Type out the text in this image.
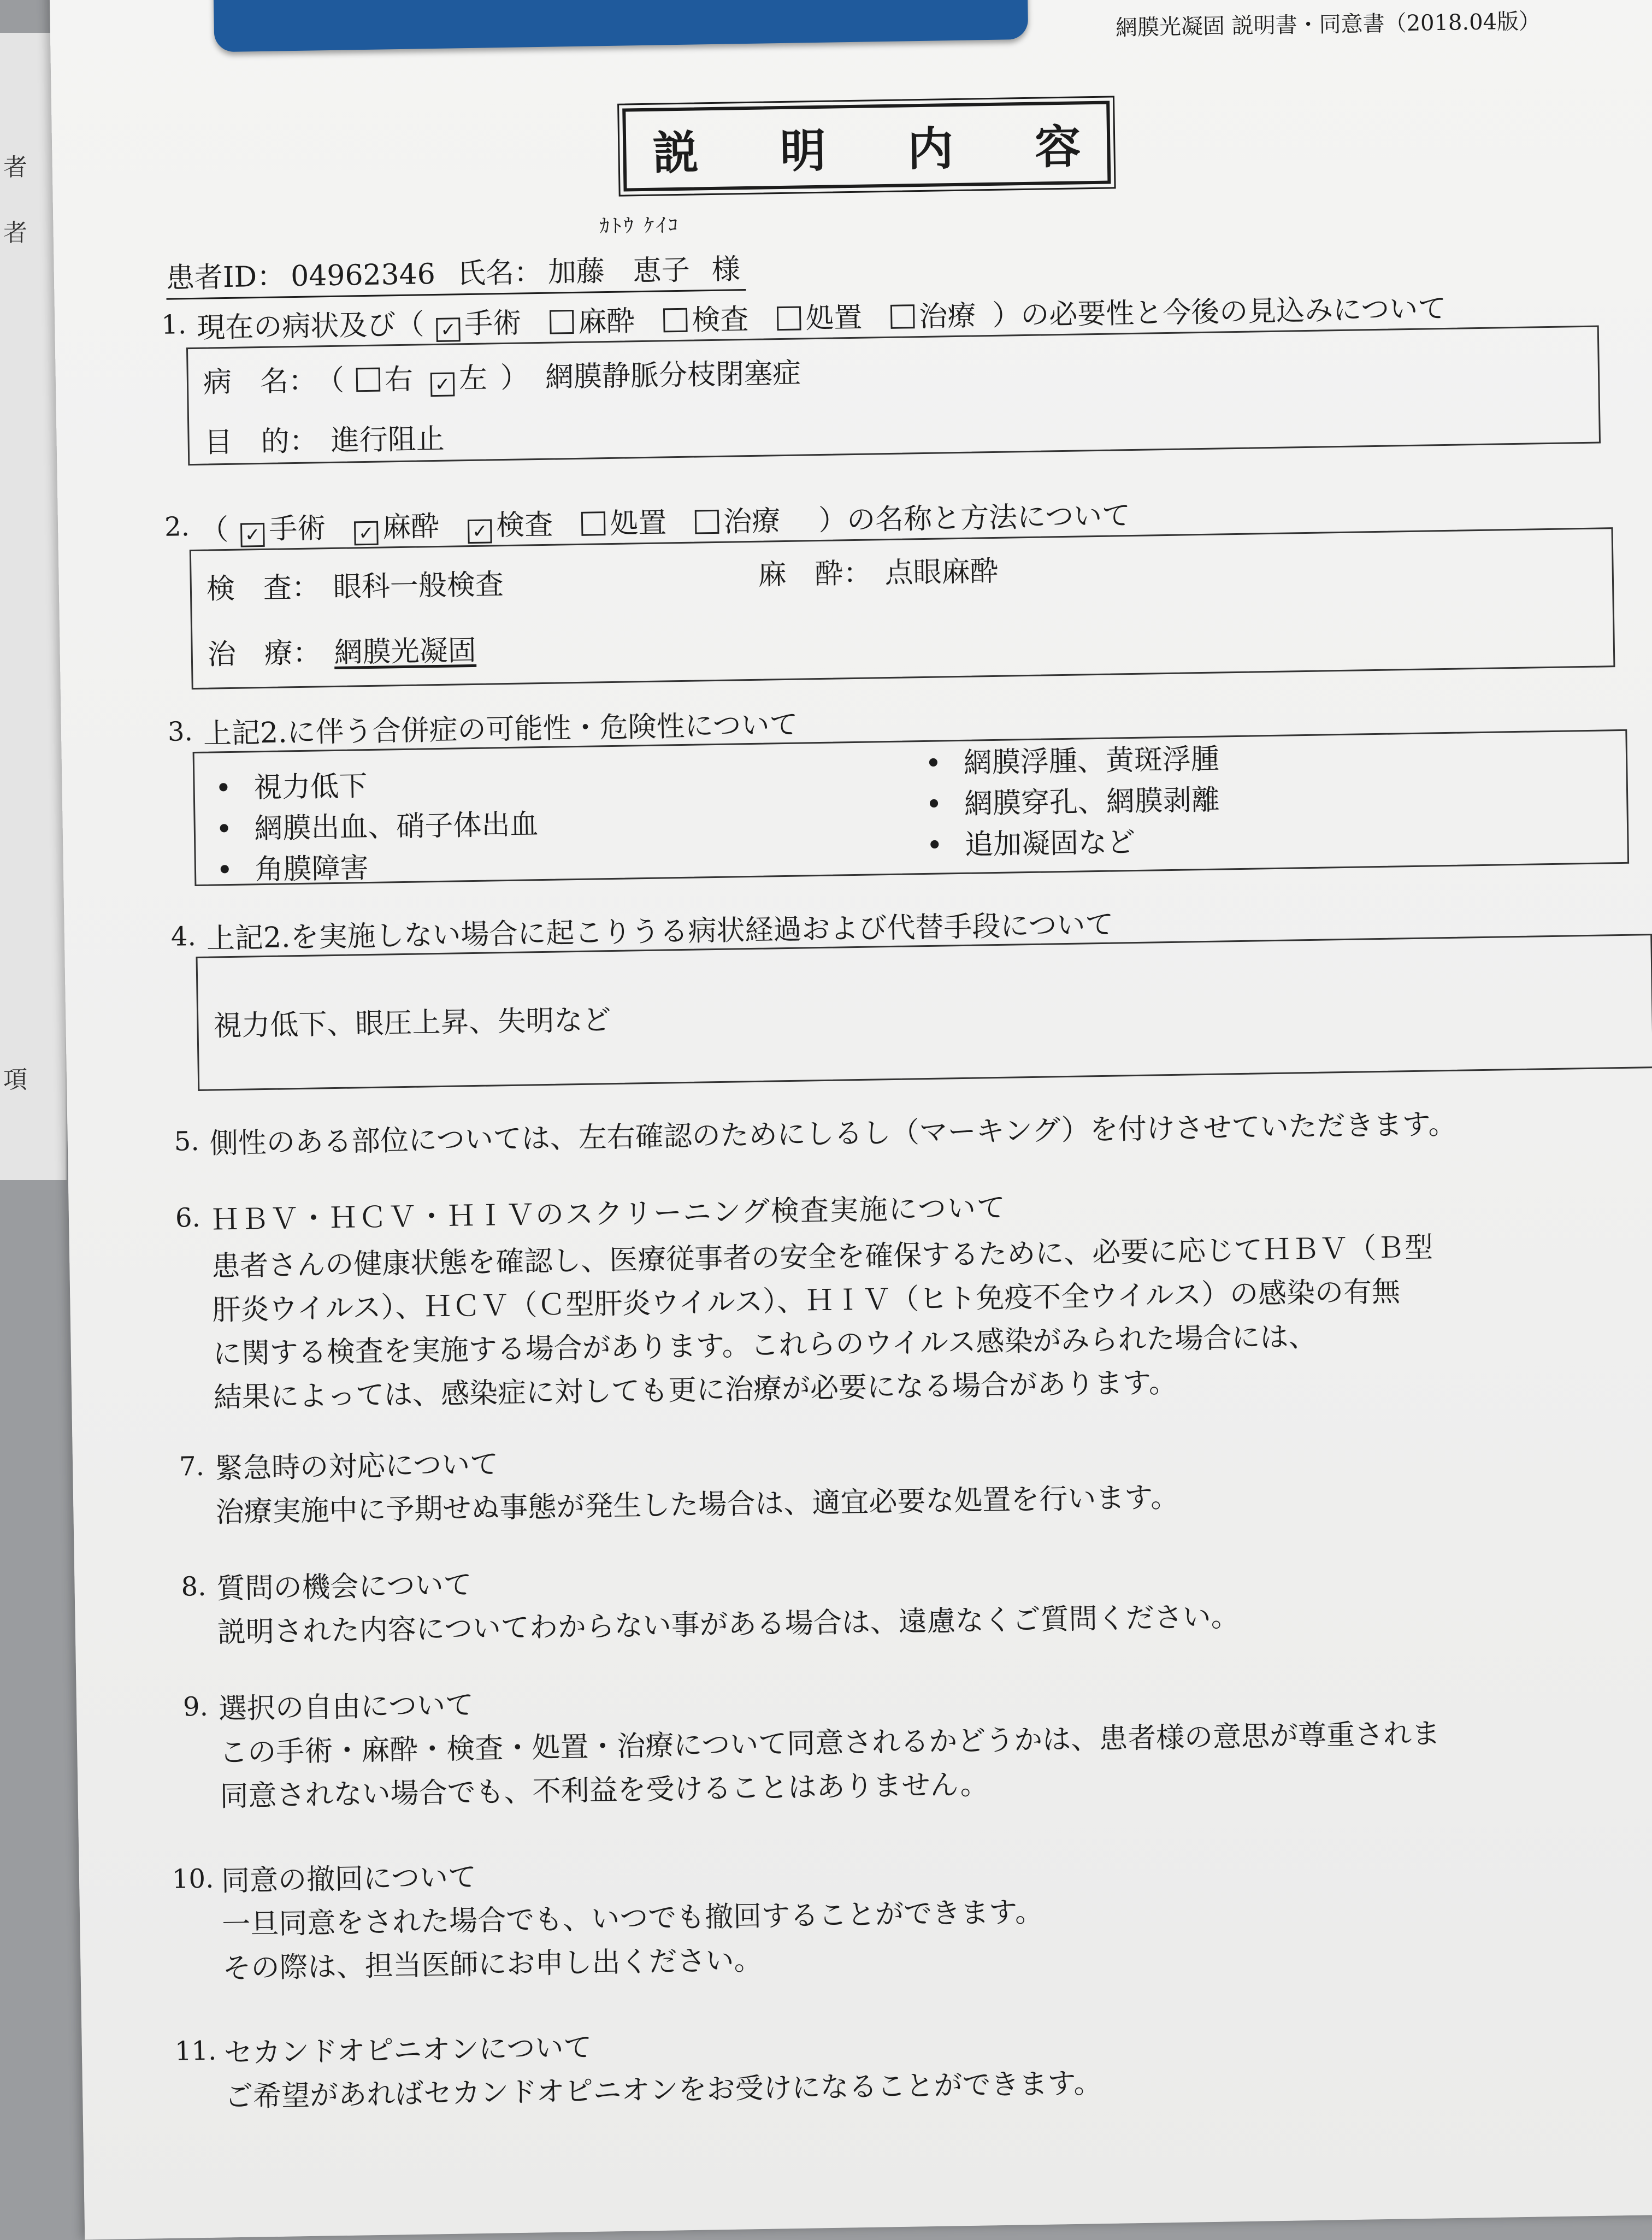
者
者
項
網膜光凝固 説明書・同意書（2018.04版）
説 明 内 容
ｶﾄｳ ｹｲｺ
患者ID： 04962346 氏名： 加藤　恵子 様
1. 現在の病状及び（ ✓ 手術 麻酔 検査 処置 治療 ）の必要性と今後の見込みについて
病　名： （ 右 ✓ 左 ） 網膜静脈分枝閉塞症
目　的： 進行阻止
2. （ ✓ 手術 ✓ 麻酔 ✓ 検査 処置 治療 ）の名称と方法について
検　査： 眼科一般検査	麻　酔： 点眼麻酔
治　療： 網膜光凝固
3. 上記2.に伴う合併症の可能性・危険性について
• 視力低下
• 網膜出血、硝子体出血
• 角膜障害
• 網膜浮腫、黄斑浮腫
• 網膜穿孔、網膜剥離
• 追加凝固など
4. 上記2.を実施しない場合に起こりうる病状経過および代替手段について
視力低下、眼圧上昇、失明など
5. 側性のある部位については、左右確認のためにしるし（マーキング）を付けさせていただきます。
6. ＨＢＶ・ＨＣＶ・ＨＩＶのスクリーニング検査実施について
患者さんの健康状態を確認し、医療従事者の安全を確保するために、必要に応じてＨＢＶ（Ｂ型
肝炎ウイルス）、ＨＣＶ（Ｃ型肝炎ウイルス）、ＨＩＶ（ヒト免疫不全ウイルス）の感染の有無
に関する検査を実施する場合があります。これらのウイルス感染がみられた場合には、
結果によっては、感染症に対しても更に治療が必要になる場合があります。
7. 緊急時の対応について
治療実施中に予期せぬ事態が発生した場合は、適宜必要な処置を行います。
8. 質問の機会について
説明された内容についてわからない事がある場合は、遠慮なくご質問ください。
9. 選択の自由について
この手術・麻酔・検査・処置・治療について同意されるかどうかは、患者様の意思が尊重されま
同意されない場合でも、不利益を受けることはありません。
10. 同意の撤回について
一旦同意をされた場合でも、いつでも撤回することができます。
その際は、担当医師にお申し出ください。
11. セカンドオピニオンについて
ご希望があればセカンドオピニオンをお受けになることができます。
